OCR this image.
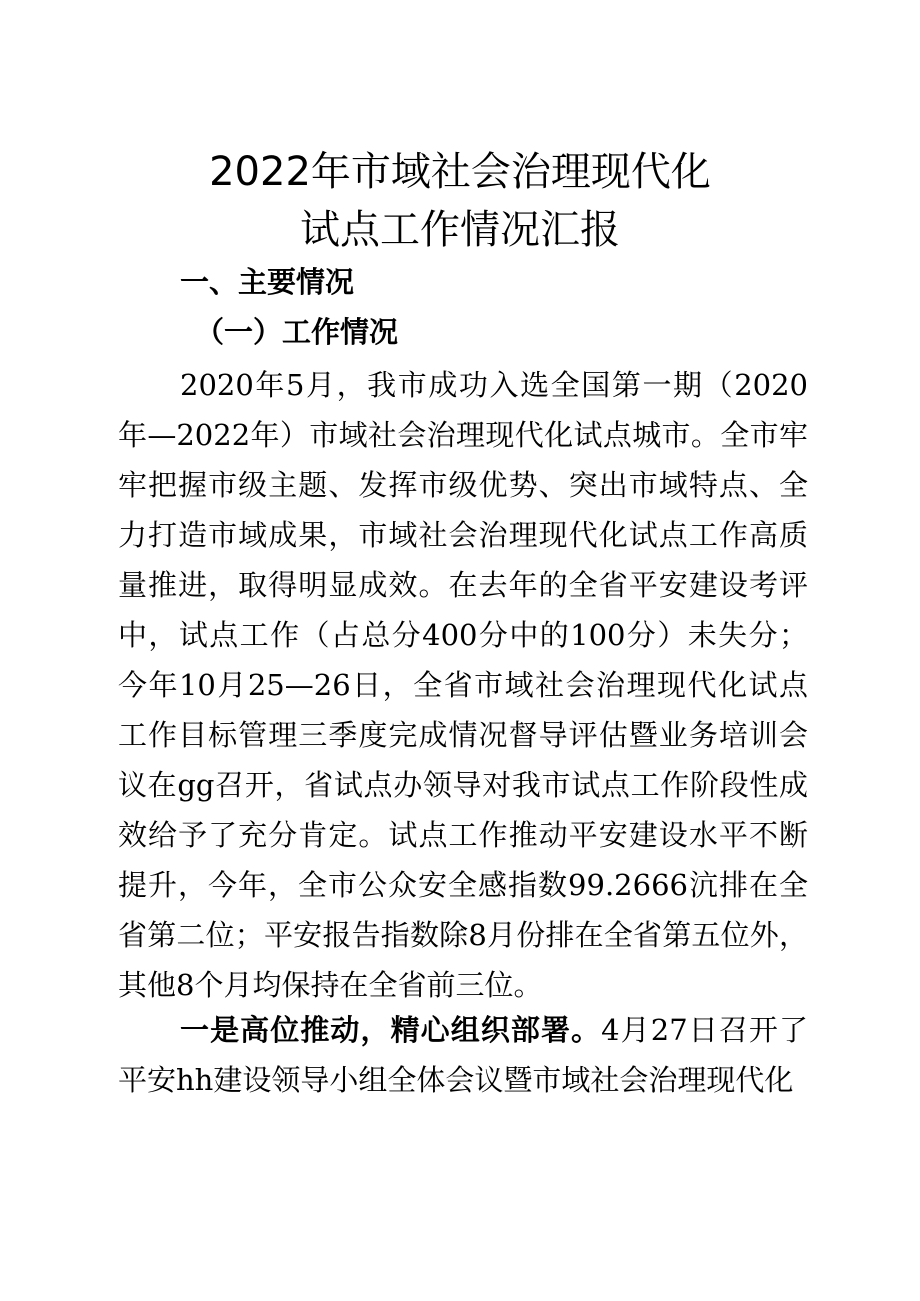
2022年市域社会治理现代化
试点工作情况汇报
一、主要情况
（一）工作情况

2020年5月，我市成功入选全国第一期（2020年—2022年）市域社会治理现代化试点城市。全市牢牢把握市级主题、发挥市级优势、突出市域特点、全力打造市域成果，市域社会治理现代化试点工作高质量推进，取得明显成效。在去年的全省平安建设考评中，试点工作（占总分400分中的100分）未失分；今年10月25—26日，全省市域社会治理现代化试点工作目标管理三季度完成情况督导评估暨业务培训会议在gg召开，省试点办领导对我市试点工作阶段性成效给予了充分肯定。试点工作推动平安建设水平不断提升，今年，全市公众安全感指数99.2666沆排在全省第二位；平安报告指数除8月份排在全省第五位外，其他8个月均保持在全省前三位。

一是高位推动，精心组织部署。4月27日召开了平安hh建设领导小组全体会议暨市域社会治理现代化
